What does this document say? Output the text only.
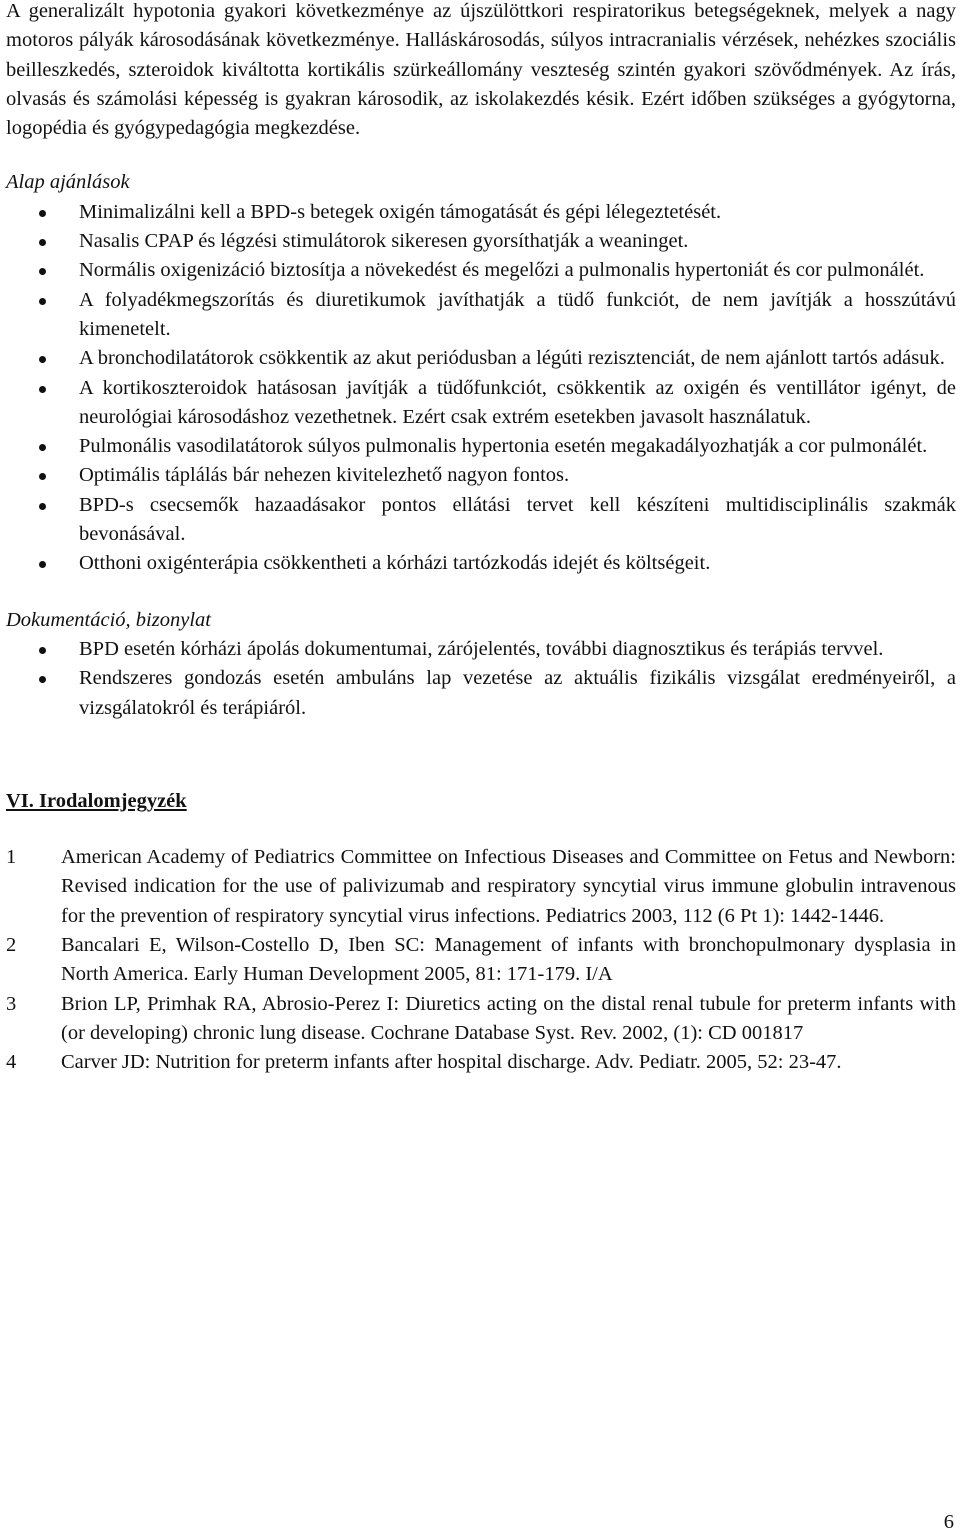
A generalizált hypotonia gyakori következménye az újszülöttkori respiratorikus betegségeknek, melyek a nagy motoros pályák károsodásának következménye. Halláskárosodás, súlyos intracranialis vérzések, nehézkes szociális beilleszkedés, szteroidok kiváltotta kortikális szürkeállomány veszteség szintén gyakori szövődmények. Az írás, olvasás és számolási képesség is gyakran károsodik, az iskolakezdés késik. Ezért időben szükséges a gyógytorna, logopédia és gyógypedagógia megkezdése.

Alap ajánlások

Minimalizálni kell a BPD-s betegek oxigén támogatását és gépi lélegeztetését.
Nasalis CPAP és légzési stimulátorok sikeresen gyorsíthatják a weaninget.
Normális oxigenizáció biztosítja a növekedést és megelőzi a pulmonalis hypertoniát és cor pulmonálét.
A folyadékmegszorítás és diuretikumok javíthatják a tüdő funkciót, de nem javítják a hosszútávú kimenetelt.
A bronchodilatátorok csökkentik az akut periódusban a légúti rezisztenciát, de nem ajánlott tartós adásuk.
A kortikoszteroidok hatásosan javítják a tüdőfunkciót, csökkentik az oxigén és ventillátor igényt, de neurológiai károsodáshoz vezethetnek. Ezért csak extrém esetekben javasolt használatuk.
Pulmonális vasodilatátorok súlyos pulmonalis hypertonia esetén megakadályozhatják a cor pulmonálét.
Optimális táplálás bár nehezen kivitelezhető nagyon fontos.
BPD-s csecsemők hazaadásakor pontos ellátási tervet kell készíteni multidisciplinális szakmák bevonásával.
Otthoni oxigénterápia csökkentheti a kórházi tartózkodás idejét és költségeit.

Dokumentáció, bizonylat

BPD esetén kórházi ápolás dokumentumai, zárójelentés, további diagnosztikus és terápiás tervvel.
Rendszeres gondozás esetén ambuláns lap vezetése az aktuális fizikális vizsgálat eredményeiről, a vizsgálatokról és terápiáról.

VI. Irodalomjegyzék

1 American Academy of Pediatrics Committee on Infectious Diseases and Committee on Fetus and Newborn: Revised indication for the use of palivizumab and respiratory syncytial virus immune globulin intravenous for the prevention of respiratory syncytial virus infections. Pediatrics 2003, 112 (6 Pt 1): 1442-1446.
2 Bancalari E, Wilson-Costello D, Iben SC: Management of infants with bronchopulmonary dysplasia in North America. Early Human Development 2005, 81: 171-179. I/A
3 Brion LP, Primhak RA, Abrosio-Perez I: Diuretics acting on the distal renal tubule for preterm infants with (or developing) chronic lung disease. Cochrane Database Syst. Rev. 2002, (1): CD 001817
4 Carver JD: Nutrition for preterm infants after hospital discharge. Adv. Pediatr. 2005, 52: 23-47.
6
